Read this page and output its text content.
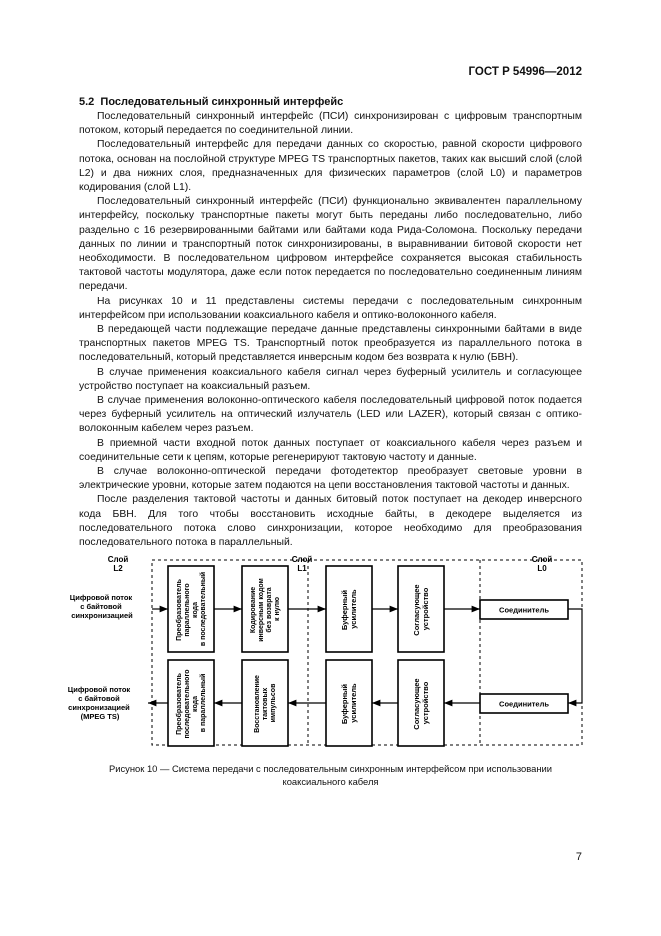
ГОСТ Р 54996—2012
5.2 Последовательный синхронный интерфейс

Последовательный синхронный интерфейс (ПСИ) синхронизирован с цифровым транспортным потоком, который передается по соединительной линии.

Последовательный интерфейс для передачи данных со скоростью, равной скорости цифрового потока, основан на послойной структуре MPEG TS транспортных пакетов, таких как высший слой (слой L2) и два нижних слоя, предназначенных для физических параметров (слой L0) и параметров кодирования (слой L1).

Последовательный синхронный интерфейс (ПСИ) функционально эквивалентен параллельному интерфейсу, поскольку транспортные пакеты могут быть переданы либо последовательно, либо раздельно с 16 резервированными байтами или байтами кода Рида-Соломона. Поскольку передачи данных по линии и транспортный поток синхронизированы, в выравнивании битовой скорости нет необходимости. В последовательном цифровом интерфейсе сохраняется высокая стабильность тактовой частоты модулятора, даже если поток передается по последовательно соединенным линиям передачи.

На рисунках 10 и 11 представлены системы передачи с последовательным синхронным интерфейсом при использовании коаксиального кабеля и оптико-волоконного кабеля.

В передающей части подлежащие передаче данные представлены синхронными байтами в виде транспортных пакетов MPEG TS. Транспортный поток преобразуется из параллельного потока в последовательный, который представляется инверсным кодом без возврата к нулю (БВН).

В случае применения коаксиального кабеля сигнал через буферный усилитель и согласующее устройство поступает на коаксиальный разъем.

В случае применения волоконно-оптического кабеля последовательный цифровой поток подается через буферный усилитель на оптический излучатель (LED или LAZER), который связан с оптико-волоконным кабелем через разъем.

В приемной части входной поток данных поступает от коаксиального кабеля через разъем и соединительные сети к цепям, которые регенерируют тактовую частоту и данные.

В случае волоконно-оптической передачи фотодетектор преобразует световые уровни в электрические уровни, которые затем подаются на цепи восстановления тактовой частоты и данных.

После разделения тактовой частоты и данных битовый поток поступает на декодер инверсного кода БВН. Для того чтобы восстановить исходные байты, в декодере выделяется из последовательного потока слово синхронизации, которое необходимо для преобразования последовательного потока в параллельный.

Слой L2
Слой L1
Слой L0
Цифровой поток с байтовой синхронизацией
Цифровой поток с байтовой синхронизацией (MPEG TS)
Преобразователь параллельного кода в последовательный	Кодирование инверсным кодом без возврата к нулю	Буферный усилитель	Согласующее устройство	Соединитель
Преобразователь последовательного кода в параллельный	Восстановление тактовых импульсов	Буферный усилитель	Согласующее устройство	Соединитель
Рисунок 10 — Система передачи с последовательным синхронным интерфейсом при использовании
коаксиального кабеля
7
